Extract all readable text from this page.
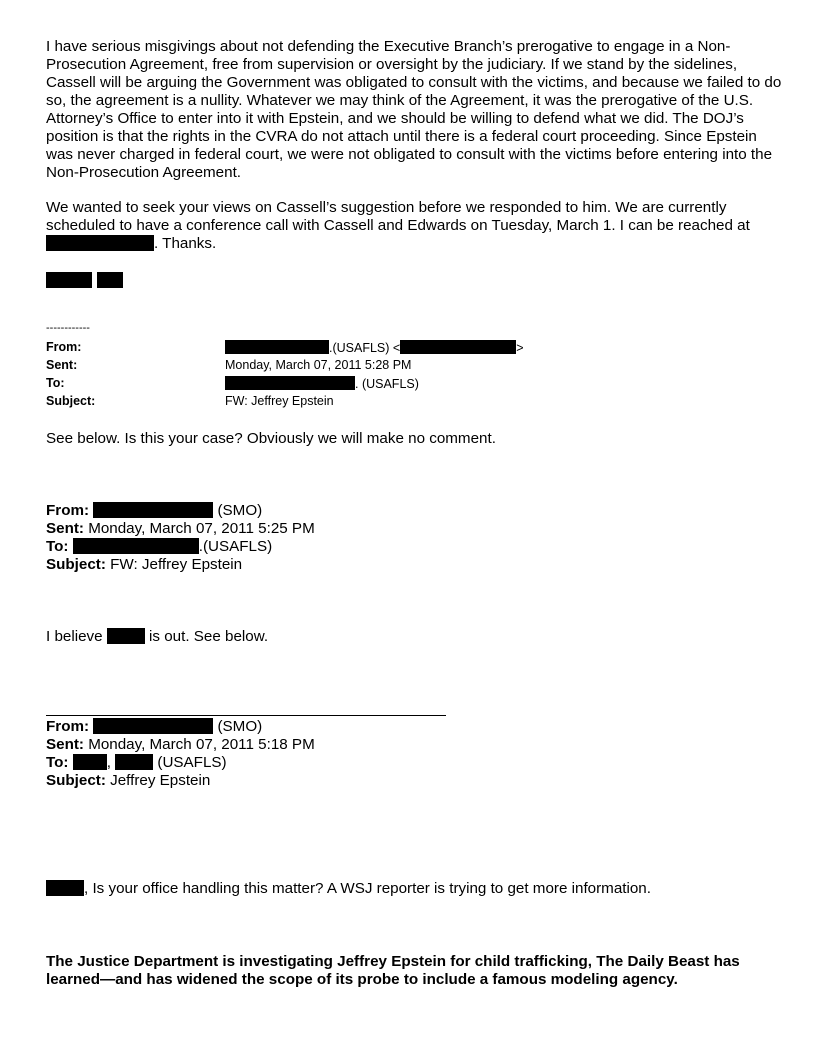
I have serious misgivings about not defending the Executive Branch’s prerogative to engage in a Non-Prosecution Agreement, free from supervision or oversight by the judiciary. If we stand by the sidelines, Cassell will be arguing the Government was obligated to consult with the victims, and because we failed to do so, the agreement is a nullity. Whatever we may think of the Agreement, it was the prerogative of the U.S. Attorney’s Office to enter into it with Epstein, and we should be willing to defend what we did. The DOJ’s position is that the rights in the CVRA do not attach until there is a federal court proceeding. Since Epstein was never charged in federal court, we were not obligated to consult with the victims before entering into the Non-Prosecution Agreement.
We wanted to seek your views on Cassell’s suggestion before we responded to him. We are currently scheduled to have a conference call with Cassell and Edwards on Tuesday, March 1. I can be reached at . Thanks.
------------
From:	.(USAFLS) <	>
Sent:	Monday, March 07, 2011 5:28 PM
To:	. (USAFLS)
Subject:	FW: Jeffrey Epstein
See below. Is this your case? Obviously we will make no comment.
From:	(SMO)
Sent: Monday, March 07, 2011 5:25 PM
To:	.(USAFLS)
Subject: FW: Jeffrey Epstein
I believe	is out. See below.
From:	(SMO)
Sent: Monday, March 07, 2011 5:18 PM
To:	,	(USAFLS)
Subject: Jeffrey Epstein
, Is your office handling this matter? A WSJ reporter is trying to get more information.
The Justice Department is investigating Jeffrey Epstein for child trafficking, The Daily Beast has learned—and has widened the scope of its probe to include a famous modeling agency.
